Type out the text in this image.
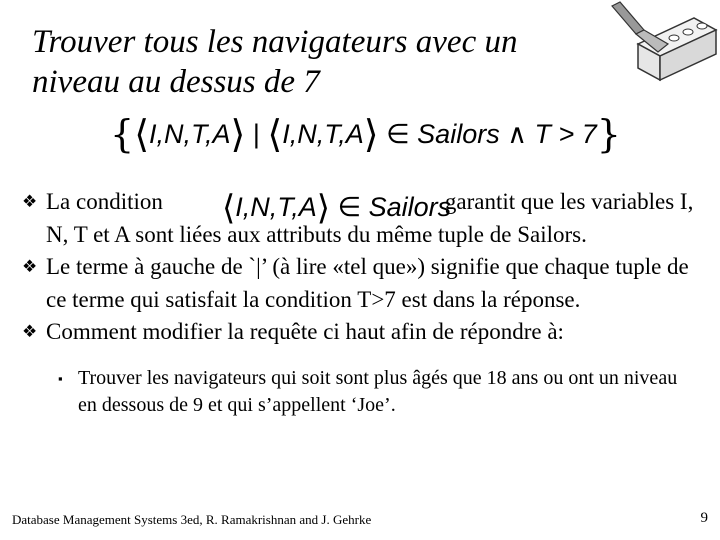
Trouver tous les navigateurs avec un
niveau au dessus de 7
{⟨I,N,T,A⟩ | ⟨I,N,T,A⟩ ∈ Sailors ∧ T > 7}
⟨I,N,T,A⟩ ∈ Sailors
❖ La condition	garantit que les variables I, N, T et A sont liées aux attributs du même tuple de Sailors.
❖ Le terme à gauche de `|’ (à lire «tel que») signifie que chaque tuple de ce terme qui satisfait la condition T>7 est dans la réponse.
❖ Comment modifier la requête ci haut afin de répondre à:
▪ Trouver les navigateurs qui soit sont plus âgés que 18 ans ou ont un niveau en dessous de 9 et qui s’appellent ‘Joe’.
Database Management Systems 3ed, R. Ramakrishnan and J. Gehrke	9
